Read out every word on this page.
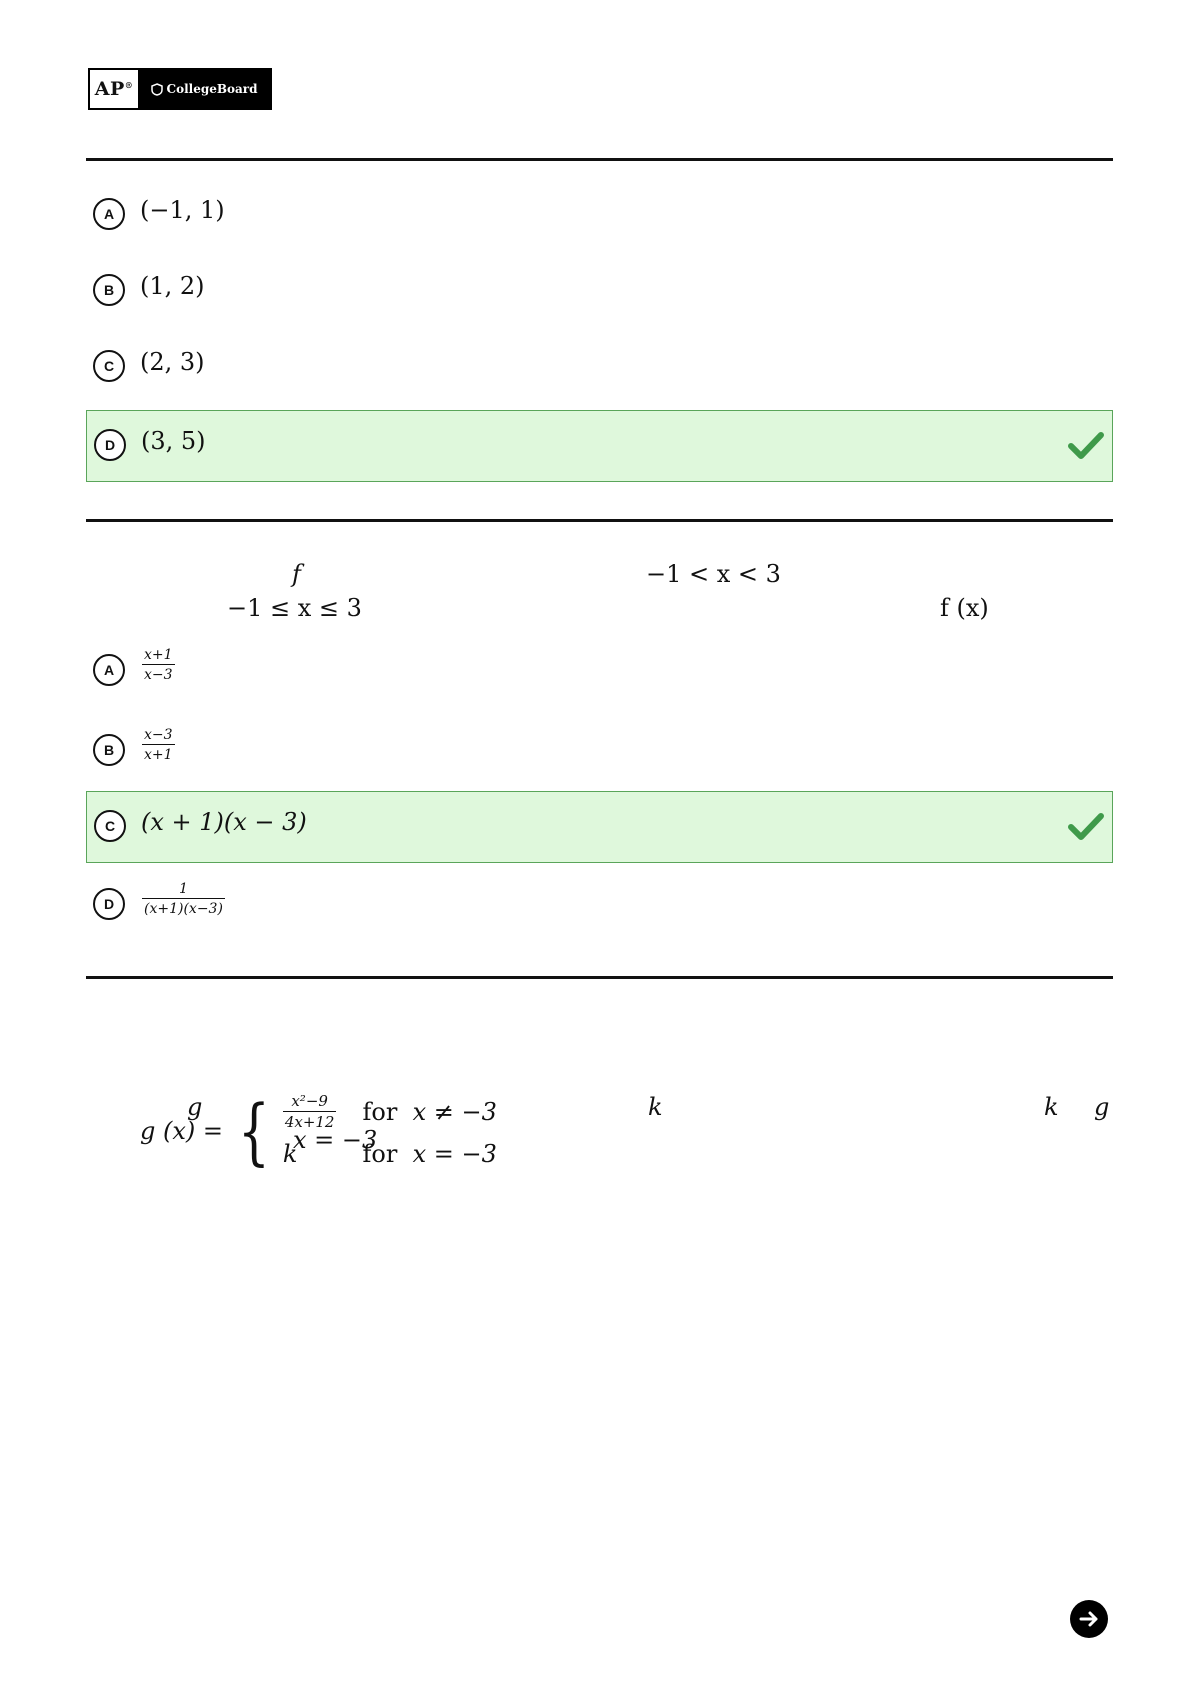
AP®	CollegeBoard
A	(−1, 1)
B	(1, 2)
C	(2, 3)
D	(3, 5)
f	−1 < x < 3
−1 ≤ x ≤ 3	f (x)
A	$\frac{x+1}{x-3}$
B	$\frac{x-3}{x+1}$
C	(x + 1)(x − 3)
D	$\frac{1}{(x+1)(x-3)}$
g (x) = { $\frac{\text{x²−9}}{4x+12}$ for x ≠ −3
k	for x = −3
g	k	k g
x = −3
